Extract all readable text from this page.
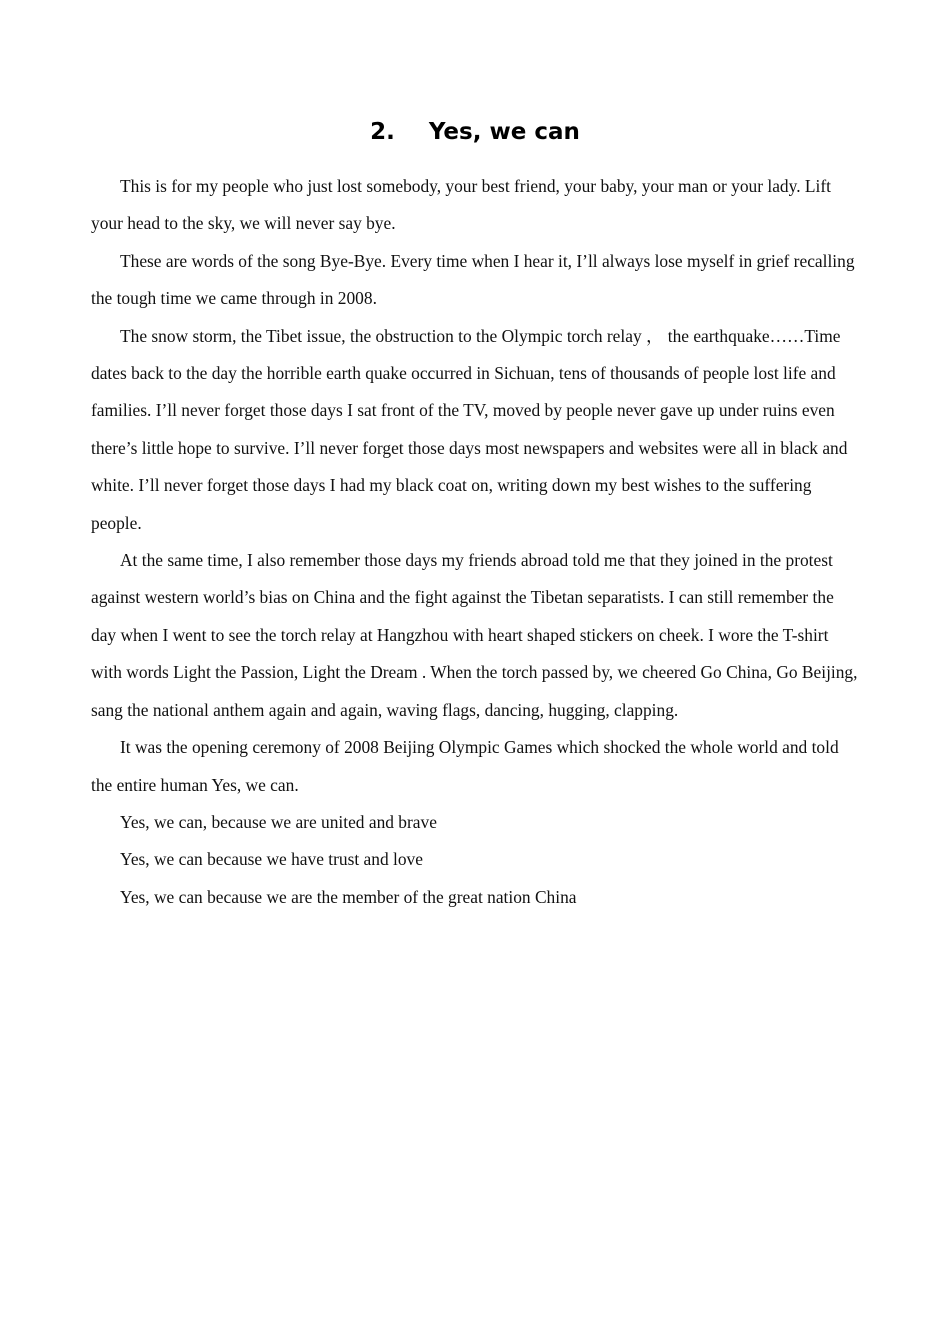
2. Yes, we can

This is for my people who just lost somebody, your best friend, your baby, your man or your lady. Lift your head to the sky, we will never say bye.

These are words of the song Bye-Bye. Every time when I hear it, I’ll always lose myself in grief recalling the tough time we came through in 2008.

The snow storm, the Tibet issue, the obstruction to the Olympic torch relay ， the earthquake……Time dates back to the day the horrible earth quake occurred in Sichuan, tens of thousands of people lost life and families. I’ll never forget those days I sat front of the TV, moved by people never gave up under ruins even there’s little hope to survive. I’ll never forget those days most newspapers and websites were all in black and white. I’ll never forget those days I had my black coat on, writing down my best wishes to the suffering people.

At the same time, I also remember those days my friends abroad told me that they joined in the protest against western world’s bias on China and the fight against the Tibetan separatists. I can still remember the day when I went to see the torch relay at Hangzhou with heart shaped stickers on cheek. I wore the T-shirt with words Light the Passion, Light the Dream . When the torch passed by, we cheered Go China, Go Beijing, sang the national anthem again and again, waving flags, dancing, hugging, clapping.

It was the opening ceremony of 2008 Beijing Olympic Games which shocked the whole world and told the entire human Yes, we can.

Yes, we can, because we are united and brave

Yes, we can because we have trust and love

Yes, we can because we are the member of the great nation China
